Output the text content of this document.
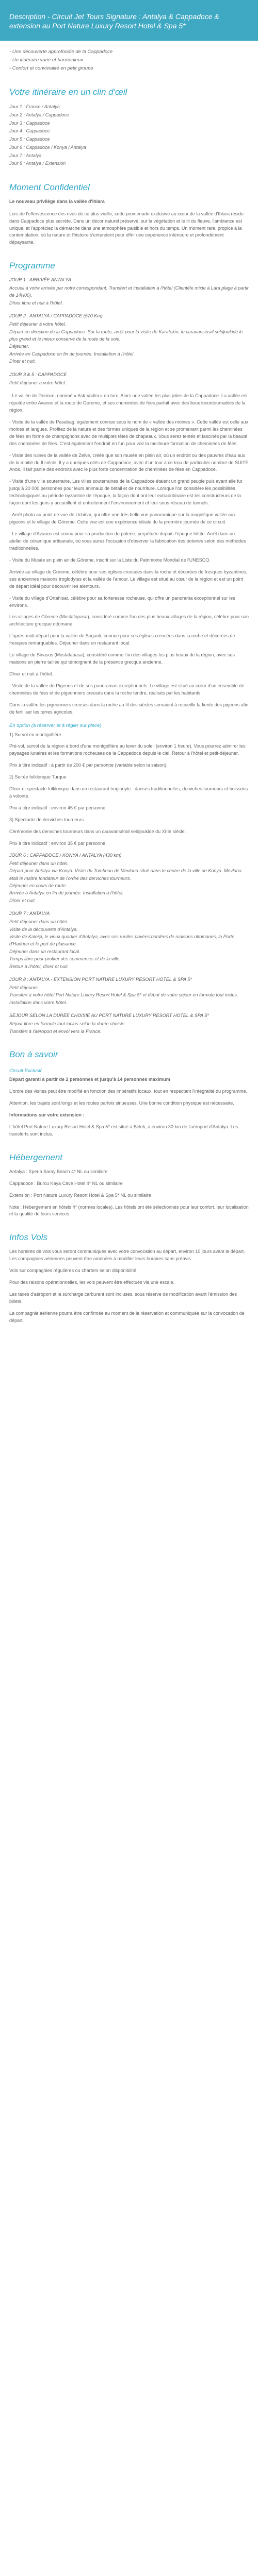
Description - Circuit Jet Tours Signature : Antalya & Cappadoce & extension au Port Nature Luxury Resort Hotel & Spa 5*
- Une découverte approfondie de la Cappadoce
- Un itinéraire varié et harmonieux
- Confort et convivialité en petit groupe
Votre itinéraire en un clin d'œil
Jour 1 : France / Antalya
Jour 2 : Antalya / Cappadoce
Jour 3 : Cappadoce
Jour 4 : Cappadoce
Jour 5 : Cappadoce
Jour 6 : Cappadoce / Konya / Antalya
Jour 7 : Antalya
Jour 8 : Antalya / Extension
Moment Confidentiel

Le nouveau privilège dans la vallée d'Ihlara

Lors de l'effervescence des rives de ce plus vieille, cette promenade exclusive au cœur de la vallée d'Ihlara réside dans Cappadoce plus secrète. Dans un décor naturel préservé, sur la végétation et le lit du fleuve, l'ambiance est unique, et l'appréciez la démarche dans une atmosphère paisible et hors du temps. Un moment rare, propice à la contemplation, où la nature et l'histoire s'entendent pour offrir une expérience intérieure et profondément dépaysante.

Programme
JOUR 1 : ARRIVÉE ANTALYA
Accueil à votre arrivée par notre correspondant. Transfert et installation à l'hôtel (Clientèle mixte à Lara plage à partir de 14H00).
Dîner libre et nuit à l'hôtel.
JOUR 2 : ANTALYA / CAPPADOCE (570 Km)
Petit déjeuner à votre hôtel.
Départ en direction de la Cappadoce. Sur la route, arrêt pour la visite de Karatekin, le caravansérail seldjoukide le plus grand et le mieux conservé de la route de la soie.
Déjeuner.
Arrivée en Cappadoce en fin de journée. Installation à l'hôtel.
Dîner et nuit.
JOUR 3 & 5 : CAPPADOCE
Petit déjeuner à votre hôtel.
- Le vallée de Derinco, nommé « Ask Vadisi » en turc, Alors une vallée les plus jolies de la Cappadoce. La vallée est réputée entre Avanos et la route de Goreme, et ses cheminées de fées parfait avec des lieux incontournables de la région.
- Visite de la vallée de Pasabag, également connue sous le nom de « vallée des moines ». Cette vallée est celle aux moines et langues. Profitez de la nature et des formes uniques de la région et se promenant parmi les cheminées de fées en forme de champignons avec de multiples têtes de chapeaux. Vous serez tentés et fascinés par la beauté des cheminées de fées. C'est également l'endroit en fun pour voir la meilleure formation de cheminées de fées.
- Visite des ruines de la vallée de Zelve, créée que son musée en plein air, où un endroit ou des pauvres d'eau aux de la moitié du Il siècle. Il y a quelques cités de Cappadoce, avec d'un tour à ce trou de particulier nombre de SUITE Anos. Il fait partie des endroits avec le plus forte concentration de cheminées de fées en Cappadoce.
- Visite d'une ville souterraine. Les villes souterraines de la Cappadoce étaient un grand peuple puis avant elle fut jusqu'à 20 000 personnes pour leurs animaux de bétail et de nourriture. Lorsque l'on considère les possibilités technologiques au période byzantine de l'époque, la façon dont ont leur extraordinaire est les constructeurs de la façon dont les gens y accueillent et entretiennent l'environnement et leur sous-réseau de tunnels.
- Arrêt photo au point de vue de Uchisar, qui offre une très belle vue panoramique sur la magnifique vallée aux pigeons et le village de Göreme. Cette vue est une expérience idéale du la première journée de ce circuit.
- Le village d'Avanos est connu pour sa production de poterie, perpétuée depuis l'époque hittite. Arrêt dans un atelier de céramique artisanale, où vous aurez l'occasion d'observer la fabrication des poteries selon des méthodes traditionnelles.
- Visite du Musée en plein air de Göreme, inscrit sur la Liste du Patrimoine Mondial de l'UNESCO.
Arrivée au village de Göreme, célèbre pour ses églises creusées dans la roche et décorées de fresques byzantines, ses anciennes maisons troglodytes et la vallée de l'amour. Le village est situé au cœur de la région et est un point de départ idéal pour découvrir les alentours.
- Visite du village d'Ortahisar, célèbre pour sa forteresse rocheuse, qui offre un panorama exceptionnel sur les environs.
Les villages de Göreme (Mustafapasa), considéré comme l'un des plus beaux villages de la région, célèbre pour son architecture grecque ottomane.
L'après-midi départ pour la vallée de Soganli, connue pour ses églises creusées dans la roche et décorées de fresques remarquables. Déjeuner dans un restaurant local.
Le village de Sinasos (Mustafapasa), considéré comme l'un des villages les plus beaux de la région, avec ses maisons en pierre taillée qui témoignent de la présence grecque ancienne.
Dîner et nuit à l'hôtel.
- Visite de la vallée de Pigeons et de ses panoramas exceptionnels. Le village est situé au cœur d'un ensemble de cheminées de fées et de pigeonniers creusés dans la roche tendre, réalisés par les habitants.
Dans la vallée les pigeonniers creusés dans la roche au fil des siècles servaient à recueillir la fiente des pigeons afin de fertiliser les terres agricoles.
En option (à réserver et à régler sur place)
1) Survol en montgolfière
Pré-vol, survol de la région à bord d'une montgolfière au lever du soleil (environ 1 heure). Vous pourrez admirer les paysages lunaires et les formations rocheuses de la Cappadoce depuis le ciel. Retour à l'hôtel et petit-déjeuner.
Prix à titre indicatif : à partir de 200 € par personne (variable selon la saison).
2) Soirée folklorique Turque
Dîner et spectacle folklorique dans un restaurant troglodyte : danses traditionnelles, derviches tourneurs et boissons à volonté.
Prix à titre indicatif : environ 45 € par personne.
3) Spectacle de derviches tourneurs
Cérémonie des derviches tourneurs dans un caravansérail seldjoukide du XIIIe siècle.
Prix à titre indicatif : environ 35 € par personne.
JOUR 6 : CAPPADOCE / KONYA / ANTALYA (430 km)
Petit déjeuner dans un hôtel.
Départ pour Antalya via Konya. Visite du Tombeau de Mevlana situé dans le centre de la ville de Konya. Mevlana était le maître fondateur de l'ordre des derviches tourneurs.
Déjeuner en cours de route.
Arrivée à Antalya en fin de journée. Installation à l'hôtel.
Dîner et nuit.
JOUR 7 : ANTALYA
Petit déjeuner dans un hôtel.
Visite de la découverte d'Antalya.
Visite de Kaleiçi, le vieux quartier d'Antalya, avec ses ruelles pavées bordées de maisons ottomanes, la Porte d'Hadrien et le port de plaisance.
Déjeuner dans un restaurant local.
Temps libre pour profiter des commerces et de la ville.
Retour à l'hôtel, dîner et nuit.
JOUR 8 : ANTALYA - EXTENSION PORT NATURE LUXURY RESORT HOTEL & SPA 5*
Petit déjeuner.
Transfert à votre hôtel Port Nature Luxury Resort Hotel & Spa 5* et début de votre séjour en formule tout inclus.
Installation dans votre hôtel.
SÉJOUR SELON LA DURÉE CHOISIE AU PORT NATURE LUXURY RESORT HOTEL & SPA 5*
Séjour libre en formule tout inclus selon la durée choisie.
Transfert à l'aéroport et envol vers la France.
Bon à savoir
Circuit Exclusif
Départ garanti à partir de 2 personnes et jusqu'à 14 personnes maximum
L'ordre des visites peut être modifié en fonction des impératifs locaux, tout en respectant l'intégralité du programme.
Attention, les trajets sont longs et les routes parfois sinueuses. Une bonne condition physique est nécessaire.
Informations sur votre extension :
L'hôtel Port Nature Luxury Resort Hotel & Spa 5* est situé à Belek, à environ 30 km de l'aéroport d'Antalya. Les transferts sont inclus.
Hébergement
Antalya : Xperia Saray Beach 4* NL ou similaire
Cappadoce : Burcu Kaya Cave Hotel 4* NL ou similaire
Extension : Port Nature Luxury Resort Hotel & Spa 5* NL ou similaire
Note : Hébergement en hôtels 4* (normes locales). Les hôtels ont été sélectionnés pour leur confort, leur localisation et la qualité de leurs services.
Infos Vols
Les horaires de vols vous seront communiqués avec votre convocation au départ, environ 10 jours avant le départ. Les compagnies aériennes peuvent être amenées à modifier leurs horaires sans préavis.
Vols sur compagnies régulières ou charters selon disponibilité.
Pour des raisons opérationnelles, les vols peuvent être effectués via une escale.
Les taxes d'aéroport et la surcharge carburant sont incluses, sous réserve de modification avant l'émission des billets.
La compagnie aérienne pourra être confirmée au moment de la réservation et communiquée sur la convocation de départ.
